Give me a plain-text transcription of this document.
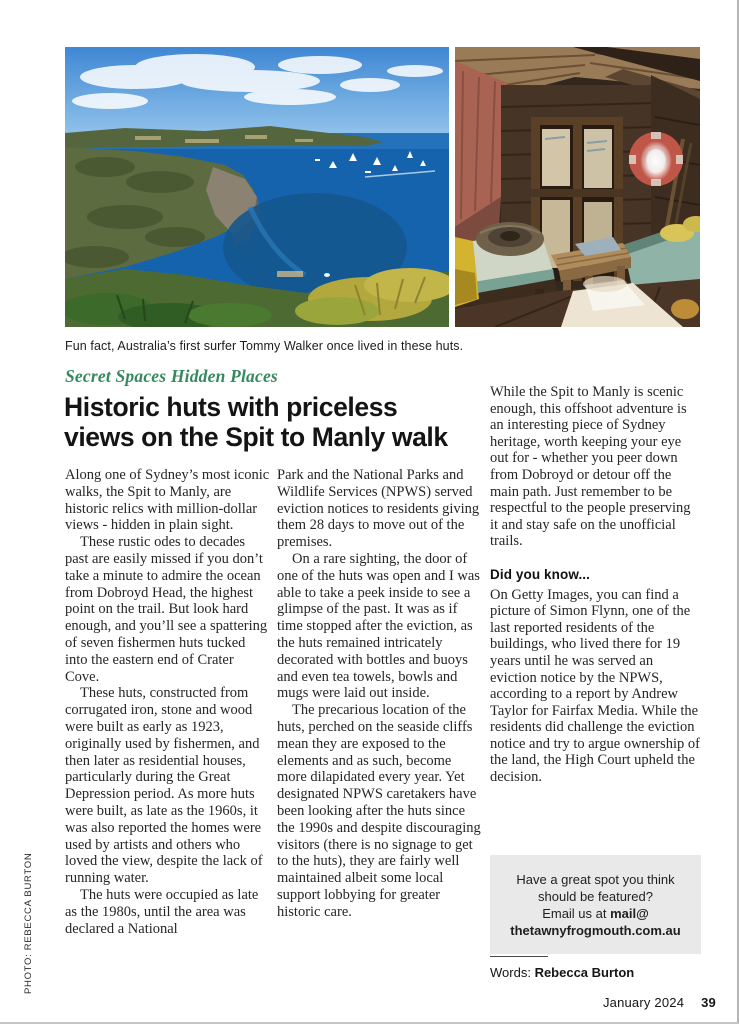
Fun fact, Australia’s first surfer Tommy Walker once lived in these huts.
Secret Spaces Hidden Places
Historic huts with priceless
views on the Spit to Manly walk

Along one of Sydney’s most iconic walks, the Spit to Manly, are historic relics with million-dollar views - hidden in plain sight.

These rustic odes to decades past are easily missed if you don’t take a minute to admire the ocean from Dobroyd Head, the highest point on the trail. But look hard enough, and you’ll see a spattering of seven fishermen huts tucked into the eastern end of Crater Cove.

These huts, constructed from corrugated iron, stone and wood were built as early as 1923, originally used by fishermen, and then later as residential houses, particularly during the Great Depression period. As more huts were built, as late as the 1960s, it was also reported the homes were used by artists and others who loved the view, despite the lack of running water.

The huts were occupied as late as the 1980s, until the area was declared a National

Park and the National Parks and Wildlife Services (NPWS) served eviction notices to residents giving them 28 days to move out of the premises.

On a rare sighting, the door of one of the huts was open and I was able to take a peek inside to see a glimpse of the past. It was as if time stopped after the eviction, as the huts remained intricately decorated with bottles and buoys and even tea towels, bowls and mugs were laid out inside.

The precarious location of the huts, perched on the seaside cliffs mean they are exposed to the elements and as such, become more dilapidated every year. Yet designated NPWS caretakers have been looking after the huts since the 1990s and despite discouraging visitors (there is no signage to get to the huts), they are fairly well maintained albeit some local support lobbying for greater historic care.

While the Spit to Manly is scenic enough, this offshoot adventure is an interesting piece of Sydney heritage, worth keeping your eye out for - whether you peer down from Dobroyd or detour off the main path. Just remember to be respectful to the people preserving it and stay safe on the unofficial trails.

Did you know...

On Getty Images, you can find a picture of Simon Flynn, one of the last reported residents of the buildings, who lived there for 19 years until he was served an eviction notice by the NPWS, according to a report by Andrew Taylor for Fairfax Media. While the residents did challenge the eviction notice and try to argue ownership of the land, the High Court upheld the decision.

Have a great spot you think should be featured?
Email us at mail@
thetawnyfrogmouth.com.au
Words: Rebecca Burton
January 2024 39
PHOTO: REBECCA BURTON
